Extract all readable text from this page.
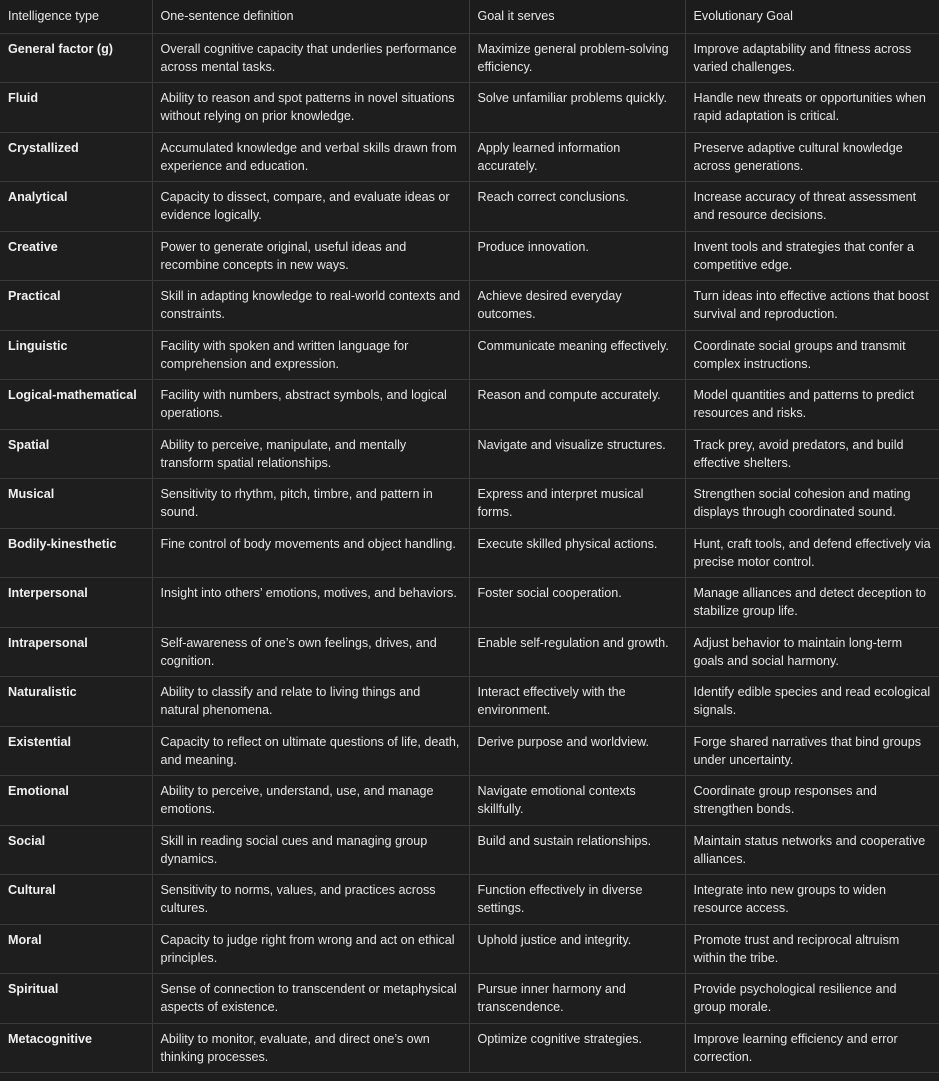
Intelligence type	One-sentence definition	Goal it serves	Evolutionary Goal
General factor (g)	Overall cognitive capacity that underlies performance across mental tasks.	Maximize general problem-solving efficiency.	Improve adaptability and fitness across varied challenges.
Fluid	Ability to reason and spot patterns in novel situations without relying on prior knowledge.	Solve unfamiliar problems quickly.	Handle new threats or opportunities when rapid adaptation is critical.
Crystallized	Accumulated knowledge and verbal skills drawn from experience and education.	Apply learned information accurately.	Preserve adaptive cultural knowledge across generations.
Analytical	Capacity to dissect, compare, and evaluate ideas or evidence logically.	Reach correct conclusions.	Increase accuracy of threat assessment and resource decisions.
Creative	Power to generate original, useful ideas and recombine concepts in new ways.	Produce innovation.	Invent tools and strategies that confer a competitive edge.
Practical	Skill in adapting knowledge to real-world contexts and constraints.	Achieve desired everyday outcomes.	Turn ideas into effective actions that boost survival and reproduction.
Linguistic	Facility with spoken and written language for comprehension and expression.	Communicate meaning effectively.	Coordinate social groups and transmit complex instructions.
Logical-mathematical	Facility with numbers, abstract symbols, and logical operations.	Reason and compute accurately.	Model quantities and patterns to predict resources and risks.
Spatial	Ability to perceive, manipulate, and mentally transform spatial relationships.	Navigate and visualize structures.	Track prey, avoid predators, and build effective shelters.
Musical	Sensitivity to rhythm, pitch, timbre, and pattern in sound.	Express and interpret musical forms.	Strengthen social cohesion and mating displays through coordinated sound.
Bodily-kinesthetic	Fine control of body movements and object handling.	Execute skilled physical actions.	Hunt, craft tools, and defend effectively via precise motor control.
Interpersonal	Insight into others’ emotions, motives, and behaviors.	Foster social cooperation.	Manage alliances and detect deception to stabilize group life.
Intrapersonal	Self-awareness of one’s own feelings, drives, and cognition.	Enable self-regulation and growth.	Adjust behavior to maintain long-term goals and social harmony.
Naturalistic	Ability to classify and relate to living things and natural phenomena.	Interact effectively with the environment.	Identify edible species and read ecological signals.
Existential	Capacity to reflect on ultimate questions of life, death, and meaning.	Derive purpose and worldview.	Forge shared narratives that bind groups under uncertainty.
Emotional	Ability to perceive, understand, use, and manage emotions.	Navigate emotional contexts skillfully.	Coordinate group responses and strengthen bonds.
Social	Skill in reading social cues and managing group dynamics.	Build and sustain relationships.	Maintain status networks and cooperative alliances.
Cultural	Sensitivity to norms, values, and practices across cultures.	Function effectively in diverse settings.	Integrate into new groups to widen resource access.
Moral	Capacity to judge right from wrong and act on ethical principles.	Uphold justice and integrity.	Promote trust and reciprocal altruism within the tribe.
Spiritual	Sense of connection to transcendent or metaphysical aspects of existence.	Pursue inner harmony and transcendence.	Provide psychological resilience and group morale.
Metacognitive	Ability to monitor, evaluate, and direct one’s own thinking processes.	Optimize cognitive strategies.	Improve learning efficiency and error correction.
